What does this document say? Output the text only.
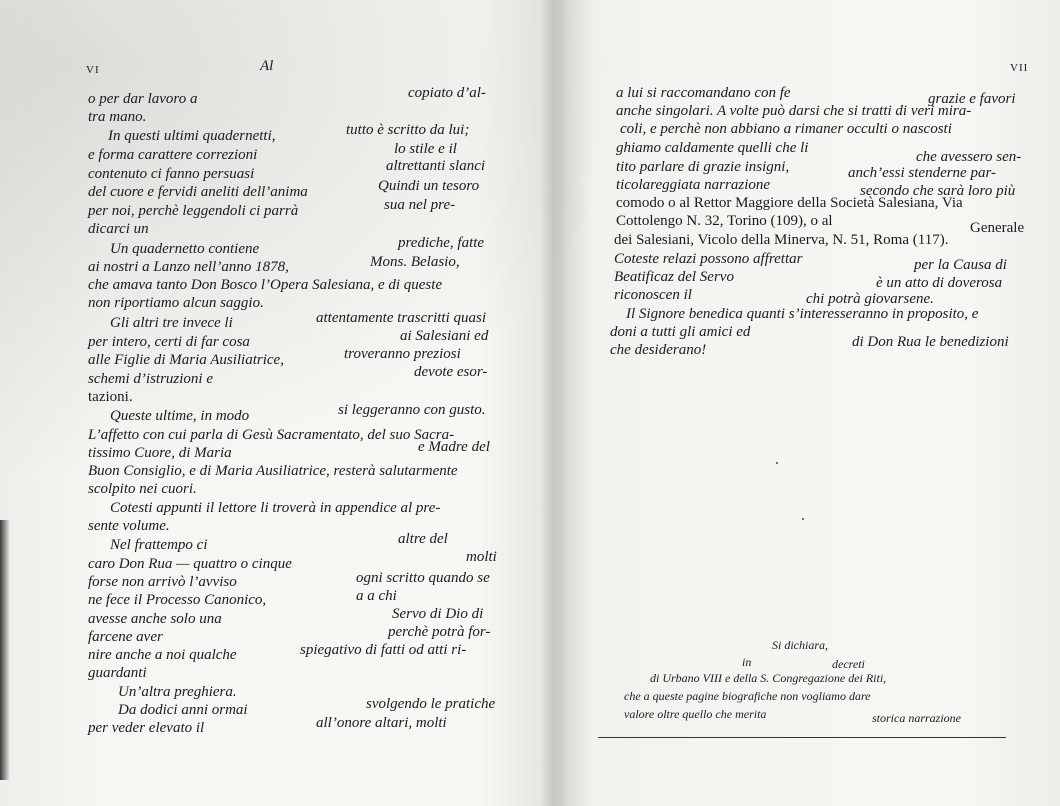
VI	Al
o per dar lavoro a	copiato d’al-
tra mano.
In questi ultimi quadernetti,	tutto è scritto da lui;
e forma carattere correzioni	lo stile e il
contenuto ci fanno persuasi	altrettanti slanci
del cuore e fervidi aneliti dell’anima	Quindi un tesoro
per noi, perchè leggendoli ci parrà	sua nel pre-
dicarci un
Un quadernetto contiene	prediche, fatte
ai nostri a Lanzo nell’anno 1878,	Mons. Belasio,
che amava tanto Don Bosco l’Opera Salesiana, e di queste
non riportiamo alcun saggio.
Gli altri tre invece li	attentamente trascritti quasi
per intero, certi di far cosa	ai Salesiani ed
alle Figlie di Maria Ausiliatrice,	troveranno preziosi
schemi d’istruzioni e	devote esor-
tazioni.
Queste ultime, in modo	si leggeranno con gusto.
L’affetto con cui parla di Gesù Sacramentato, del suo Sacra-
tissimo Cuore, di Maria	e Madre del
Buon Consiglio, e di Maria Ausiliatrice, resterà salutarmente
scolpito nei cuori.
Cotesti appunti il lettore li troverà in appendice al pre-
sente volume.
Nel frattempo ci	altre del
caro Don Rua — quattro o cinque	molti
forse non arrivò l’avviso	ogni scritto quando se
ne fece il Processo Canonico,	a a chi
avesse anche solo una	Servo di Dio di
farcene aver	perchè potrà for-
nire anche a noi qualche	spiegativo di fatti od atti ri-
guardanti
Un’altra preghiera.
Da dodici anni ormai	svolgendo le pratiche
per veder elevato il	all’onore altari, molti
VII
a lui si raccomandano con fe	grazie e favori
anche singolari. A volte può darsi che si tratti di veri mira-
coli, e perchè non abbiano a rimaner occulti o nascosti
ghiamo caldamente quelli che li
che avessero sen-
tito parlare di grazie insigni,	anch’essi stenderne par-
ticolareggiata narrazione	secondo che sarà loro più
comodo o al Rettor Maggiore della Società Salesiana, Via
Cottolengo N. 32, Torino (109), o al	Generale
dei Salesiani, Vicolo della Minerva, N. 51, Roma (117).
Coteste relazi possono affrettar	per la Causa di
Beatificaz del Servo	è un atto di doverosa
riconoscen il	chi potrà giovarsene.
Il Signore benedica quanti s’interesseranno in proposito, e
doni a tutti gli amici ed
che desiderano!	di Don Rua le benedizioni
Si dichiara,
in	decreti
di Urbano VIII e della S. Congregazione dei Riti,
che a queste pagine biografiche non vogliamo dare
valore oltre quello che merita	storica narrazione
